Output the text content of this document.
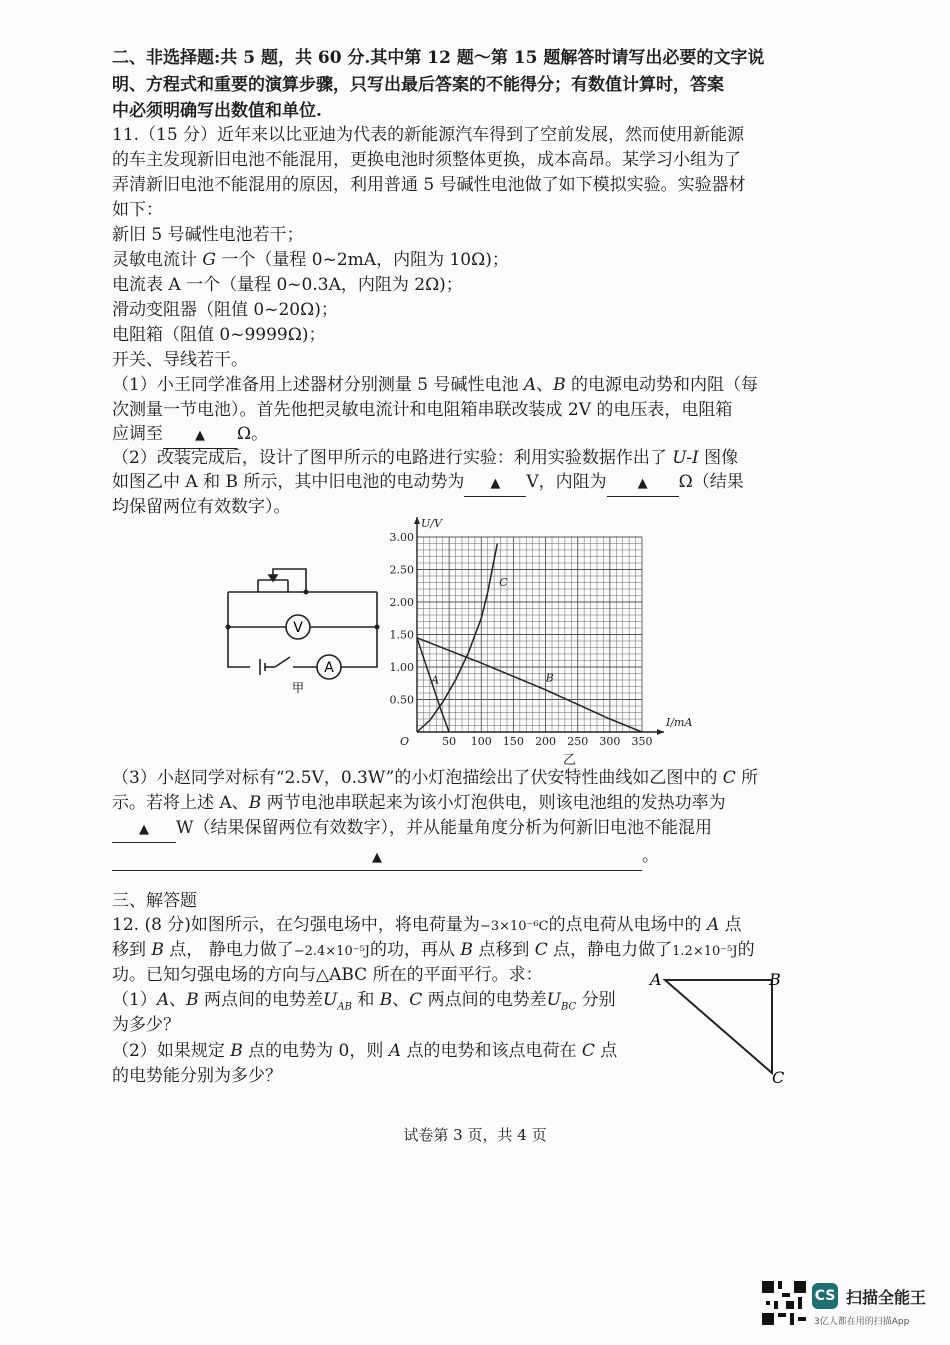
二、非选择题:共 5 题，共 60 分.其中第 12 题～第 15 题解答时请写出必要的文字说
明、方程式和重要的演算步骤，只写出最后答案的不能得分；有数值计算时，答案
中必须明确写出数值和单位.
11.（15 分）近年来以比亚迪为代表的新能源汽车得到了空前发展，然而使用新能源
的车主发现新旧电池不能混用，更换电池时须整体更换，成本高昂。某学习小组为了
弄清新旧电池不能混用的原因，利用普通 5 号碱性电池做了如下模拟实验。实验器材
如下：
新旧 5 号碱性电池若干；
灵敏电流计 G 一个（量程 0~2mA，内阻为 10Ω)；
电流表 A 一个（量程 0~0.3A，内阻为 2Ω)；
滑动变阻器（阻值 0~20Ω)；
电阻箱（阻值 0~9999Ω)；
开关、导线若干。
（1）小王同学准备用上述器材分别测量 5 号碱性电池 A、B 的电源电动势和内阻（每
次测量一节电池）。首先他把灵敏电流计和电阻箱串联改装成 2V 的电压表，电阻箱
应调至 ▲ Ω。
（2）改装完成后，设计了图甲所示的电路进行实验：利用实验数据作出了 U-I 图像
如图乙中 A 和 B 所示，其中旧电池的电动势为 ▲ V，内阻为 ▲ Ω（结果
均保留两位有效数字）。
V
A
甲
50 100 150 200 250 300 350
0.50
1.00
1.50
2.00
2.50
3.00
O
I/mA
U/V
乙
A	B
C
（3）小赵同学对标有“2.5V，0.3W”的小灯泡描绘出了伏安特性曲线如乙图中的 C 所
示。若将上述 A、B 两节电池串联起来为该小灯泡供电，则该电池组的发热功率为
▲ W（结果保留两位有效数字），并从能量角度分析为何新旧电池不能混用
▲	。
三、解答题
12. (8 分)如图所示，在匀强电场中，将电荷量为−3×10⁻⁶C的点电荷从电场中的 A 点
移到 B 点， 静电力做了−2.4×10⁻⁵J的功，再从 B 点移到 C 点，静电力做了1.2×10⁻⁵J的
功。已知匀强电场的方向与△ABC 所在的平面平行。求：
（1）A、B 两点间的电势差$U_{AB}$ 和 B、C 两点间的电势差$U_{BC}$ 分别
为多少？
（2）如果规定 B 点的电势为 0，则 A 点的电势和该点电荷在 C 点
的电势能分别为多少？
A	B
C
试卷第 3 页，共 4 页
CS 扫描全能王
3亿人都在用的扫描App
